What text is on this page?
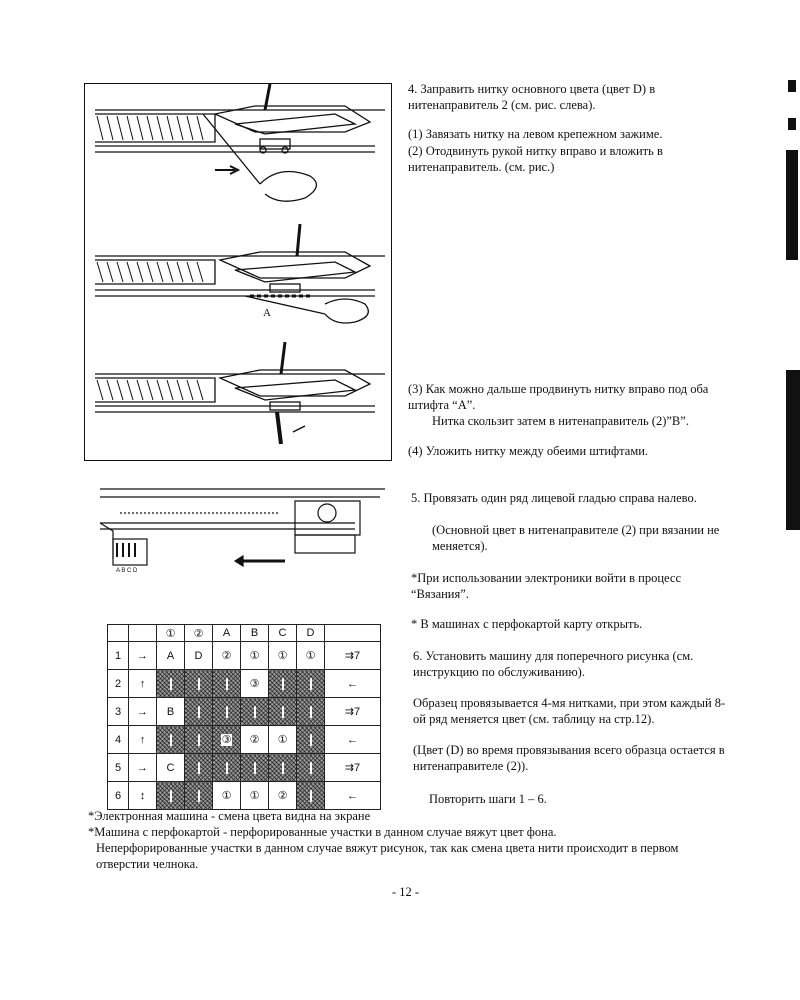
A
A B C D
4. Заправить нитку основного цвета (цвет D) в нитенаправитель 2 (см. рис. слева).
(1) Завязать нитку на левом крепежном зажиме.
(2) Отодвинуть рукой нитку вправо и вложить в нитенаправитель. (см. рис.)
(3) Как можно дальше продвинуть нитку вправо под оба штифта “А”.
Нитка скользит затем в нитенаправитель (2)”В”.
(4) Уложить нитку между обеими штифтами.
5. Провязать один ряд лицевой гладью справа налево.
(Основной цвет в нитенаправителе (2) при вязании не меняется).
*При использовании электроники войти в процесс “Вязания”.
* В машинах с перфокартой карту открыть.
6. Установить машину для поперечного рисунка (см. инструкцию по обслуживанию).
Образец провязывается 4-мя нитками, при этом каждый 8-ой ряд меняется цвет (см. таблицу на стр.12).
(Цвет (D) во время провязывания всего образца остается в нитенаправителе (2)).
Повторить шаги 1 – 6.
		①	②	A	B	C	D	
1	→	A	D	②	①	①	①	⇉7
2	↑				③			←
3	→	B						⇉7
4	↑			③	②	①		←
5	→	C						⇉7
6	↕			①	①	②		←
*Электронная машина - смена цвета видна на экране
*Машина с перфокартой - перфорированные участки в данном случае вяжут цвет фона.
Неперфорированные участки в данном случае вяжут рисунок, так как смена цвета нити происходит в первом отверстии челнока.
- 12 -
